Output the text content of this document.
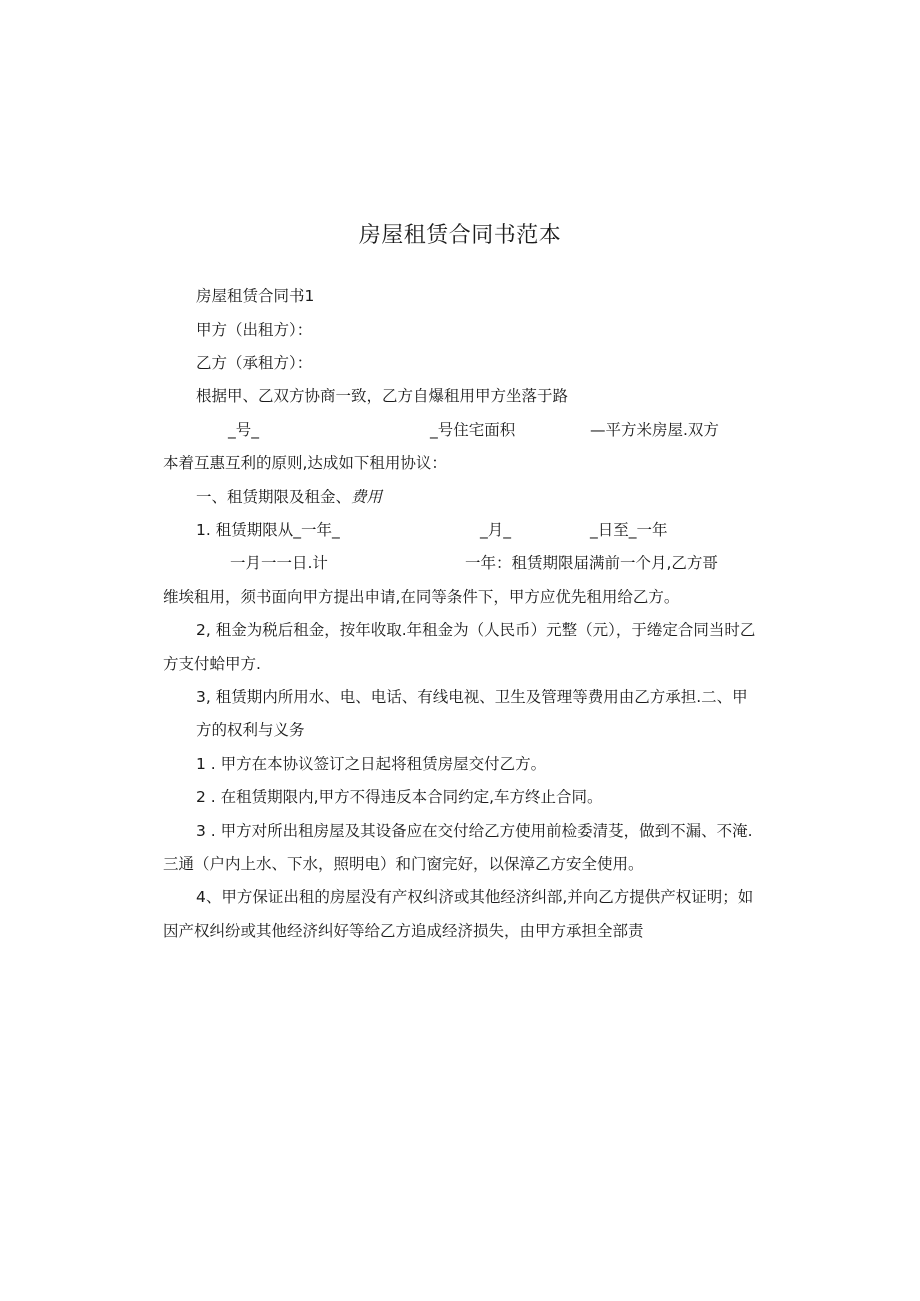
房屋租赁合同书范本
房屋租赁合同书1
甲方（出租方）：
乙方（承租方）：
根据甲、乙双方协商一致，乙方自爆租用甲方坐落于路
_号_	_号住宅面积	—平方米房屋.双方
本着互惠互利的原则,达成如下租用协议：
一、租赁期限及租金、费用
1. 租赁期限从_一年_	_月_	_日至_一年
一月一一日.计	一年：租赁期限届满前一个月,乙方哥
维埃租用，须书面向甲方提出申请,在同等条件下，甲方应优先租用给乙方。
2, 租金为税后租金，按年收取.年租金为（人民币）元整（元），于绻定合同当时乙
方支付蛤甲方.
3, 租赁期内所用水、电、电话、有线电视、卫生及管理等费用由乙方承担.二、甲
方的权利与义务
1 . 甲方在本协议签订之日起将租赁房屋交付乙方。
2 . 在租赁期限内,甲方不得违反本合同约定,车方终止合同。
3 . 甲方对所出租房屋及其设备应在交付给乙方使用前检委清芟，做到不漏、不淹.
三通（户内上水、下水，照明电）和门窗完好，以保漳乙方安全使用。
4、甲方保证出租的房屋没有产权纠济或其他经济纠部,并向乙方提供产权证明；如
因产权纠纷或其他经济纠好等给乙方追成经济损失，由甲方承担全部责
